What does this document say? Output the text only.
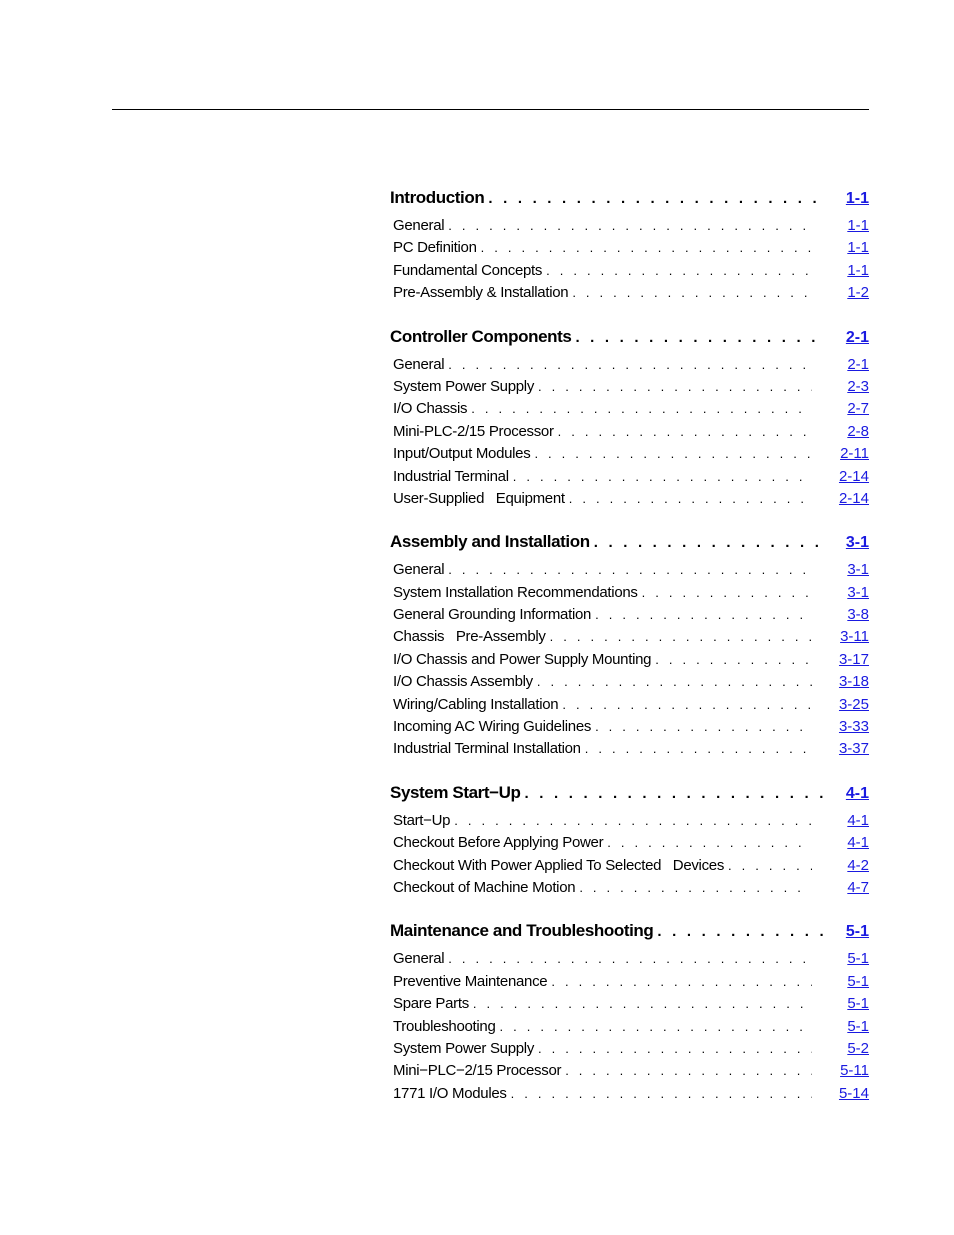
Introduction . . .	1-1
General . . .	1-1
PC Definition . . .	1-1
Fundamental Concepts . . .	1-1
Pre-Assembly & Installation . . .	1-2
Controller Components . . .	2-1
General . . .	2-1
System Power Supply . . .	2-3
I/O Chassis . . .	2-7
Mini-PLC-2/15 Processor . . .	2-8
Input/Output Modules . . .	2-11
Industrial Terminal . . .	2-14
User-Supplied   Equipment . . .	2-14
Assembly and Installation . . .	3-1
General . . .	3-1
System Installation Recommendations . . .	3-1
General Grounding Information . . .	3-8
Chassis   Pre-Assembly . . .	3-11
I/O Chassis and Power Supply Mounting . . .	3-17
I/O Chassis Assembly . . .	3-18
Wiring/Cabling Installation . . .	3-25
Incoming AC Wiring Guidelines . . .	3-33
Industrial Terminal Installation . . .	3-37
System Start−Up . . .	4-1
Start−Up . . .	4-1
Checkout Before Applying Power . . .	4-1
Checkout With Power Applied To Selected   Devices . . .	4-2
Checkout of Machine Motion . . .	4-7
Maintenance and Troubleshooting . . .	5-1
General . . .	5-1
Preventive Maintenance . . .	5-1
Spare Parts . . .	5-1
Troubleshooting . . .	5-1
System Power Supply . . .	5-2
Mini−PLC−2/15 Processor . . .	5-11
1771 I/O Modules . . .	5-14
